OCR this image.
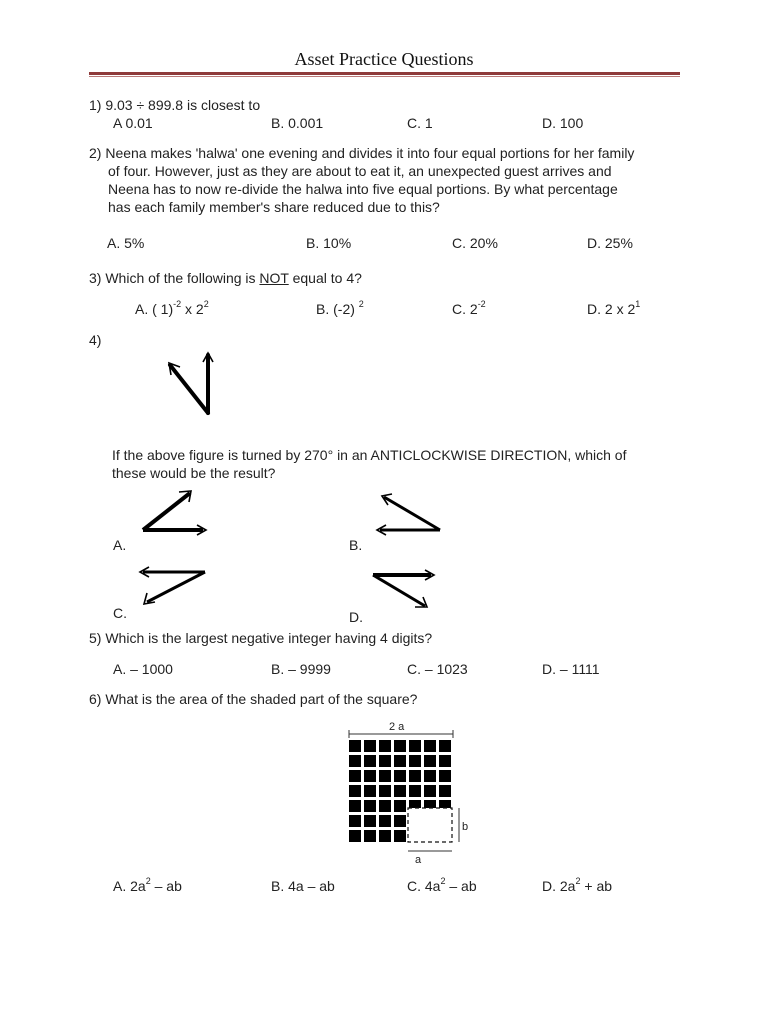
Asset Practice Questions
1) 9.03 ÷ 899.8 is closest to
A 0.01	B. 0.001	C. 1	D. 100
2) Neena makes 'halwa' one evening and divides it into four equal portions for her family
of four. However, just as they are about to eat it, an unexpected guest arrives and
Neena has to now re-divide the halwa into five equal portions. By what percentage
has each family member's share reduced due to this?
A. 5%	B. 10%	C. 20%	D. 25%
3) Which of the following is NOT equal to 4?
A. ( 1)$^{-2}$ x $2^2$	B. (-2) $^2$	C. $2^{-2}$	D. 2 x $2^1$
4)
If the above figure is turned by 270° in an ANTICLOCKWISE DIRECTION, which of
these would be the result?
A.	B.
C.	D.
5) Which is the largest negative integer having 4 digits?
A. – 1000	B. – 9999	C. – 1023	D. – 1111
6) What is the area of the shaded part of the square?
2 a
b
a
A. $2a^2$ – ab	B. 4a – ab	C. $4a^2$ – ab	D. $2a^2$ + ab
